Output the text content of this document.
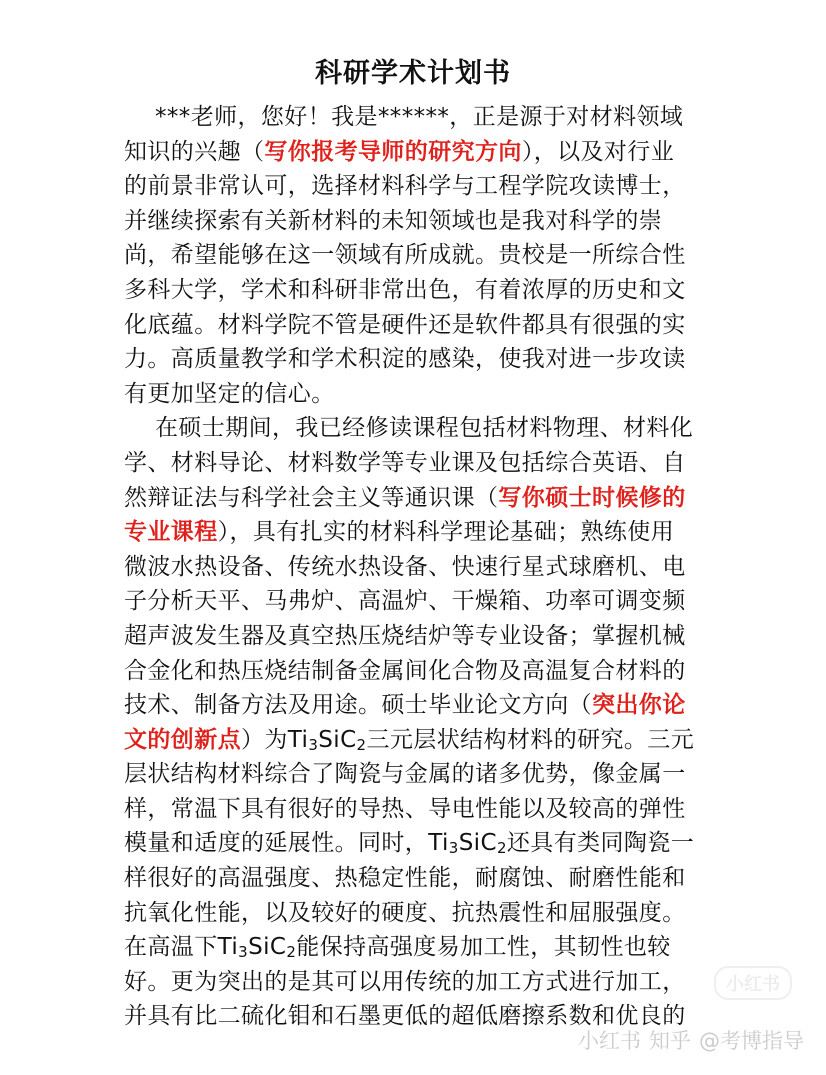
科研学术计划书
***老师，您好！我是******，正是源于对材料领域
知识的兴趣（写你报考导师的研究方向），以及对行业
的前景非常认可，选择材料科学与工程学院攻读博士，
并继续探索有关新材料的未知领域也是我对科学的崇
尚，希望能够在这一领域有所成就。贵校是一所综合性
多科大学，学术和科研非常出色，有着浓厚的历史和文
化底蕴。材料学院不管是硬件还是软件都具有很强的实
力。高质量教学和学术积淀的感染，使我对进一步攻读
有更加坚定的信心。
在硕士期间，我已经修读课程包括材料物理、材料化
学、材料导论、材料数学等专业课及包括综合英语、自
然辩证法与科学社会主义等通识课（写你硕士时候修的
专业课程），具有扎实的材料科学理论基础；熟练使用
微波水热设备、传统水热设备、快速行星式球磨机、电
子分析天平、马弗炉、高温炉、干燥箱、功率可调变频
超声波发生器及真空热压烧结炉等专业设备；掌握机械
合金化和热压烧结制备金属间化合物及高温复合材料的
技术、制备方法及用途。硕士毕业论文方向（突出你论
文的创新点）为$Ti_3SiC_2$三元层状结构材料的研究。三元
层状结构材料综合了陶瓷与金属的诸多优势，像金属一
样，常温下具有很好的导热、导电性能以及较高的弹性
模量和适度的延展性。同时，$Ti_3SiC_2$还具有类同陶瓷一
样很好的高温强度、热稳定性能，耐腐蚀、耐磨性能和
抗氧化性能，以及较好的硬度、抗热震性和屈服强度。
在高温下$Ti_3SiC_2$能保持高强度易加工性，其韧性也较
好。更为突出的是其可以用传统的加工方式进行加工，
并具有比二硫化钼和石墨更低的超低磨擦系数和优良的
小红书
小红书 知乎 @考博指导
